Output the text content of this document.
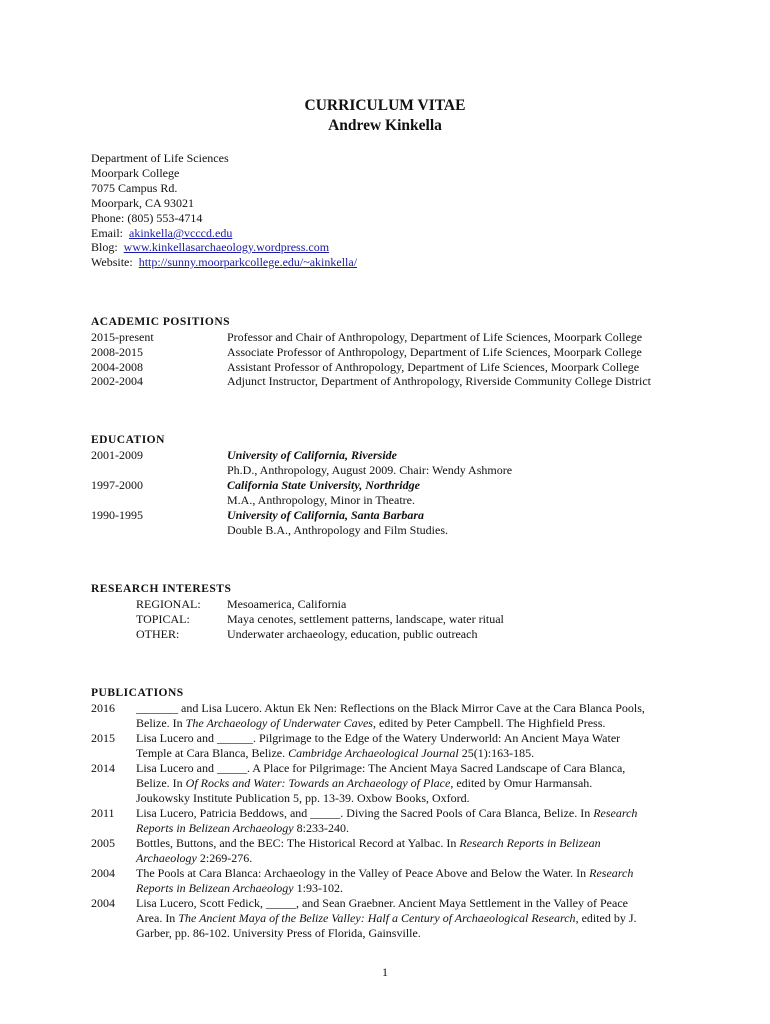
CURRICULUM VITAE
Andrew Kinkella
Department of Life Sciences
Moorpark College
7075 Campus Rd.
Moorpark, CA 93021
Phone: (805) 553-4714
Email: akinkella@vcccd.edu
Blog: www.kinkellasarchaeology.wordpress.com
Website: http://sunny.moorparkcollege.edu/~akinkella/
ACADEMIC POSITIONS
2015-present	Professor and Chair of Anthropology, Department of Life Sciences, Moorpark College
2008-2015	Associate Professor of Anthropology, Department of Life Sciences, Moorpark College
2004-2008	Assistant Professor of Anthropology, Department of Life Sciences, Moorpark College
2002-2004	Adjunct Instructor, Department of Anthropology, Riverside Community College District
EDUCATION
2001-2009	University of California, Riverside
Ph.D., Anthropology, August 2009. Chair: Wendy Ashmore
1997-2000	California State University, Northridge
M.A., Anthropology, Minor in Theatre.
1990-1995	University of California, Santa Barbara
Double B.A., Anthropology and Film Studies.
RESEARCH INTERESTS
REGIONAL: Mesoamerica, California
TOPICAL:	Maya cenotes, settlement patterns, landscape, water ritual
OTHER:	Underwater archaeology, education, public outreach
PUBLICATIONS
2016 _______ and Lisa Lucero. Aktun Ek Nen: Reflections on the Black Mirror Cave at the Cara Blanca Pools,
Belize. In The Archaeology of Underwater Caves, edited by Peter Campbell. The Highfield Press.
2015 Lisa Lucero and ______. Pilgrimage to the Edge of the Watery Underworld: An Ancient Maya Water
Temple at Cara Blanca, Belize. Cambridge Archaeological Journal 25(1):163-185.
2014 Lisa Lucero and _____. A Place for Pilgrimage: The Ancient Maya Sacred Landscape of Cara Blanca,
Belize. In Of Rocks and Water: Towards an Archaeology of Place, edited by Omur Harmansah.
Joukowsky Institute Publication 5, pp. 13-39. Oxbow Books, Oxford.
2011 Lisa Lucero, Patricia Beddows, and _____. Diving the Sacred Pools of Cara Blanca, Belize. In Research
Reports in Belizean Archaeology 8:233-240.
2005 Bottles, Buttons, and the BEC: The Historical Record at Yalbac. In Research Reports in Belizean
Archaeology 2:269-276.
2004 The Pools at Cara Blanca: Archaeology in the Valley of Peace Above and Below the Water. In Research
Reports in Belizean Archaeology 1:93-102.
2004 Lisa Lucero, Scott Fedick, _____, and Sean Graebner. Ancient Maya Settlement in the Valley of Peace
Area. In The Ancient Maya of the Belize Valley: Half a Century of Archaeological Research, edited by J.
Garber, pp. 86-102. University Press of Florida, Gainsville.
1
